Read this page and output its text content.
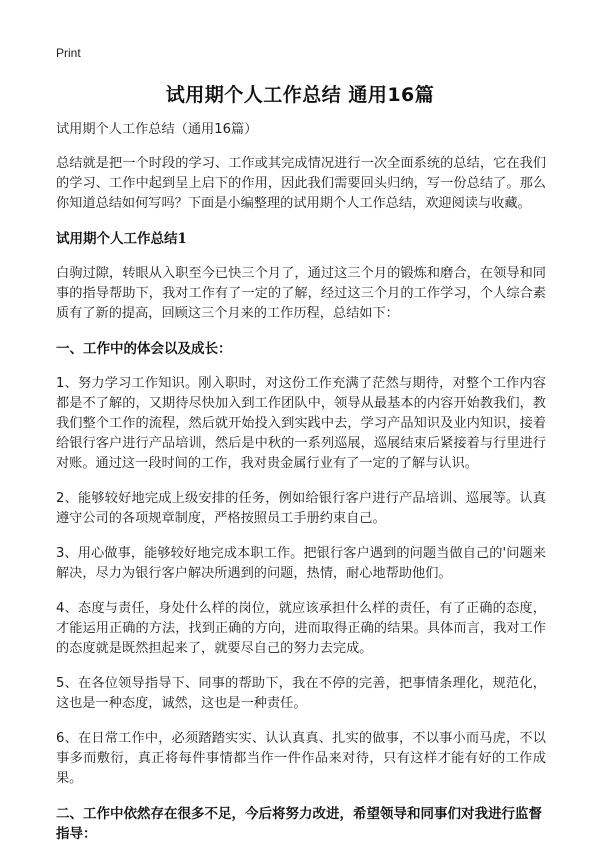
Print
试用期个人工作总结 通用16篇

试用期个人工作总结（通用16篇）

总结就是把一个时段的学习、工作或其完成情况进行一次全面系统的总结，它在我们的学习、工作中起到呈上启下的作用，因此我们需要回头归纳，写一份总结了。那么你知道总结如何写吗？下面是小编整理的试用期个人工作总结，欢迎阅读与收藏。

试用期个人工作总结1

白驹过隙，转眼从入职至今已快三个月了，通过这三个月的锻炼和磨合，在领导和同事的指导帮助下，我对工作有了一定的了解，经过这三个月的工作学习，个人综合素质有了新的提高，回顾这三个月来的工作历程，总结如下：

一、工作中的体会以及成长：

1、努力学习工作知识。刚入职时，对这份工作充满了茫然与期待，对整个工作内容都是不了解的，又期待尽快加入到工作团队中，领导从最基本的内容开始教我们，教我们整个工作的流程，然后就开始投入到实践中去，学习产品知识及业内知识，接着给银行客户进行产品培训，然后是中秋的一系列巡展，巡展结束后紧接着与行里进行对账。通过这一段时间的工作，我对贵金属行业有了一定的了解与认识。

2、能够较好地完成上级安排的任务，例如给银行客户进行产品培训、巡展等。认真遵守公司的各项规章制度，严格按照员工手册约束自己。

3、用心做事，能够较好地完成本职工作。把银行客户遇到的问题当做自己的'问题来解决，尽力为银行客户解决所遇到的问题，热情，耐心地帮助他们。

4、态度与责任，身处什么样的岗位，就应该承担什么样的责任，有了正确的态度，才能运用正确的方法，找到正确的方向，进而取得正确的结果。具体而言，我对工作的态度就是既然担起来了，就要尽自己的努力去完成。

5、在各位领导指导下、同事的帮助下，我在不停的完善，把事情条理化，规范化，这也是一种态度，诚然，这也是一种责任。

6、在日常工作中，必须踏踏实实、认认真真、扎实的做事，不以事小而马虎，不以事多而敷衍，真正将每件事情都当作一件作品来对待，只有这样才能有好的工作成果。

二、工作中依然存在很多不足，今后将努力改进，希望领导和同事们对我进行监督指导：
